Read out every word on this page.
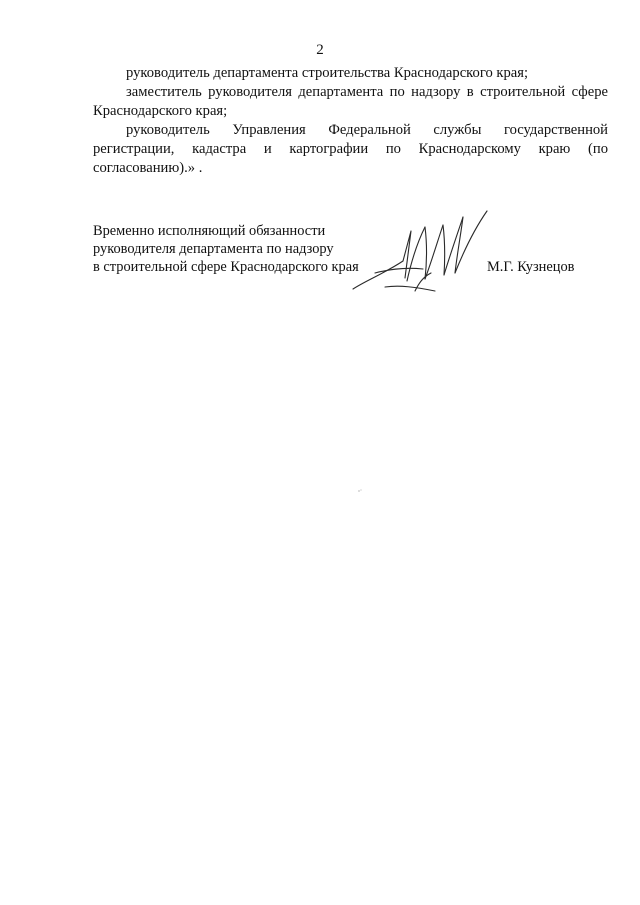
2

руководитель департамента строительства Краснодарского края;

заместитель руководителя департамента по надзору в строительной сфере Краснодарского края;

руководитель Управления Федеральной службы государственной регистрации, кадастра и картографии по Краснодарскому краю (по согласованию).» .

Временно исполняющий обязанности
руководителя департамента по надзору
в строительной сфере Краснодарского края	М.Г. Кузнецов
